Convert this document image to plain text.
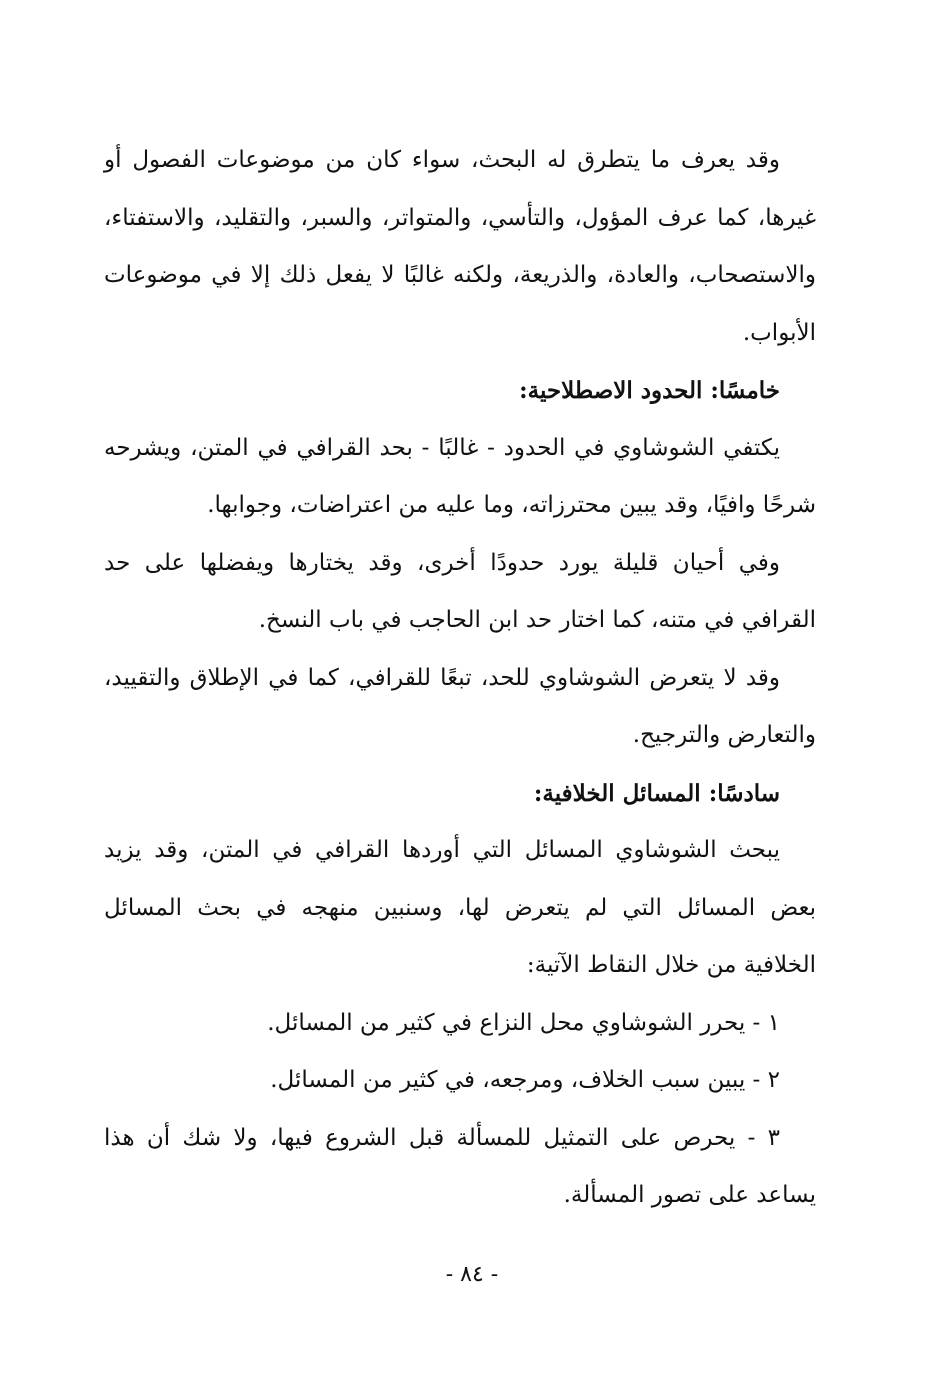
وقد يعرف ما يتطرق له البحث، سواء كان من موضوعات الفصول أو غيرها، كما عرف المؤول، والتأسي، والمتواتر، والسبر، والتقليد، والاستفتاء، والاستصحاب، والعادة، والذريعة، ولكنه غالبًا لا يفعل ذلك إلا في موضوعات الأبواب.

خامسًا: الحدود الاصطلاحية:

يكتفي الشوشاوي في الحدود - غالبًا - بحد القرافي في المتن، ويشرحه شرحًا وافيًا، وقد يبين محترزاته، وما عليه من اعتراضات، وجوابها.

وفي أحيان قليلة يورد حدودًا أخرى، وقد يختارها ويفضلها على حد القرافي في متنه، كما اختار حد ابن الحاجب في باب النسخ.

وقد لا يتعرض الشوشاوي للحد، تبعًا للقرافي، كما في الإطلاق والتقييد، والتعارض والترجيح.

سادسًا: المسائل الخلافية:

يبحث الشوشاوي المسائل التي أوردها القرافي في المتن، وقد يزيد بعض المسائل التي لم يتعرض لها، وسنبين منهجه في بحث المسائل الخلافية من خلال النقاط الآتية:

١ - يحرر الشوشاوي محل النزاع في كثير من المسائل.

٢ - يبين سبب الخلاف، ومرجعه، في كثير من المسائل.

٣ - يحرص على التمثيل للمسألة قبل الشروع فيها، ولا شك أن هذا يساعد على تصور المسألة.

- ٨٤ -
